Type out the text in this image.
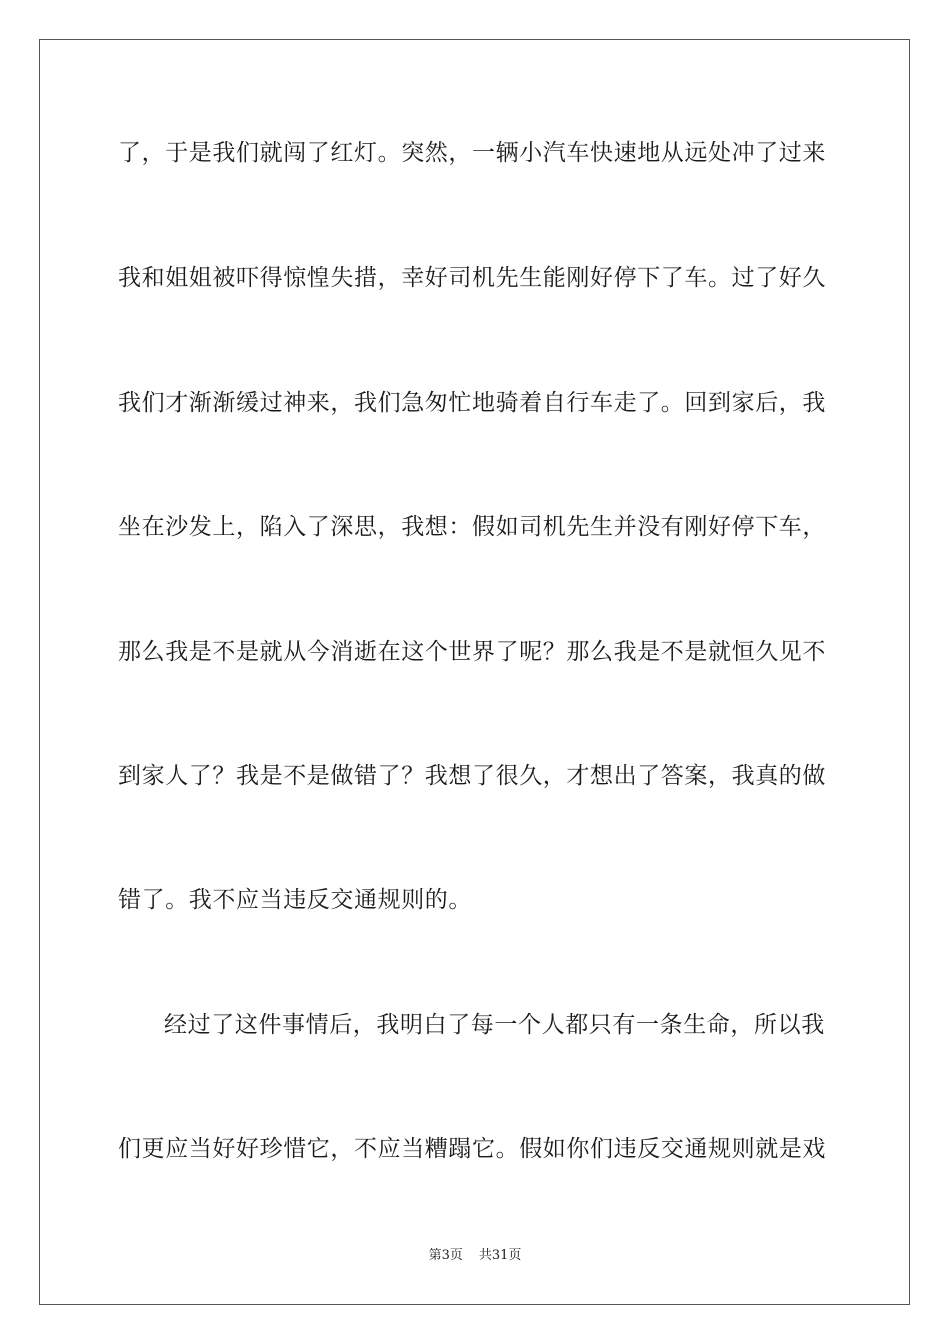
了，于是我们就闯了红灯。突然，一辆小汽车快速地从远处冲了过来
我和姐姐被吓得惊惶失措，幸好司机先生能刚好停下了车。过了好久
我们才渐渐缓过神来，我们急匆忙地骑着自行车走了。回到家后，我
坐在沙发上，陷入了深思，我想：假如司机先生并没有刚好停下车，
那么我是不是就从今消逝在这个世界了呢？那么我是不是就恒久见不
到家人了？我是不是做错了？我想了很久，才想出了答案，我真的做
错了。我不应当违反交通规则的。
经过了这件事情后，我明白了每一个人都只有一条生命，所以我
们更应当好好珍惜它，不应当糟蹋它。假如你们违反交通规则就是戏
第3页 共31页
